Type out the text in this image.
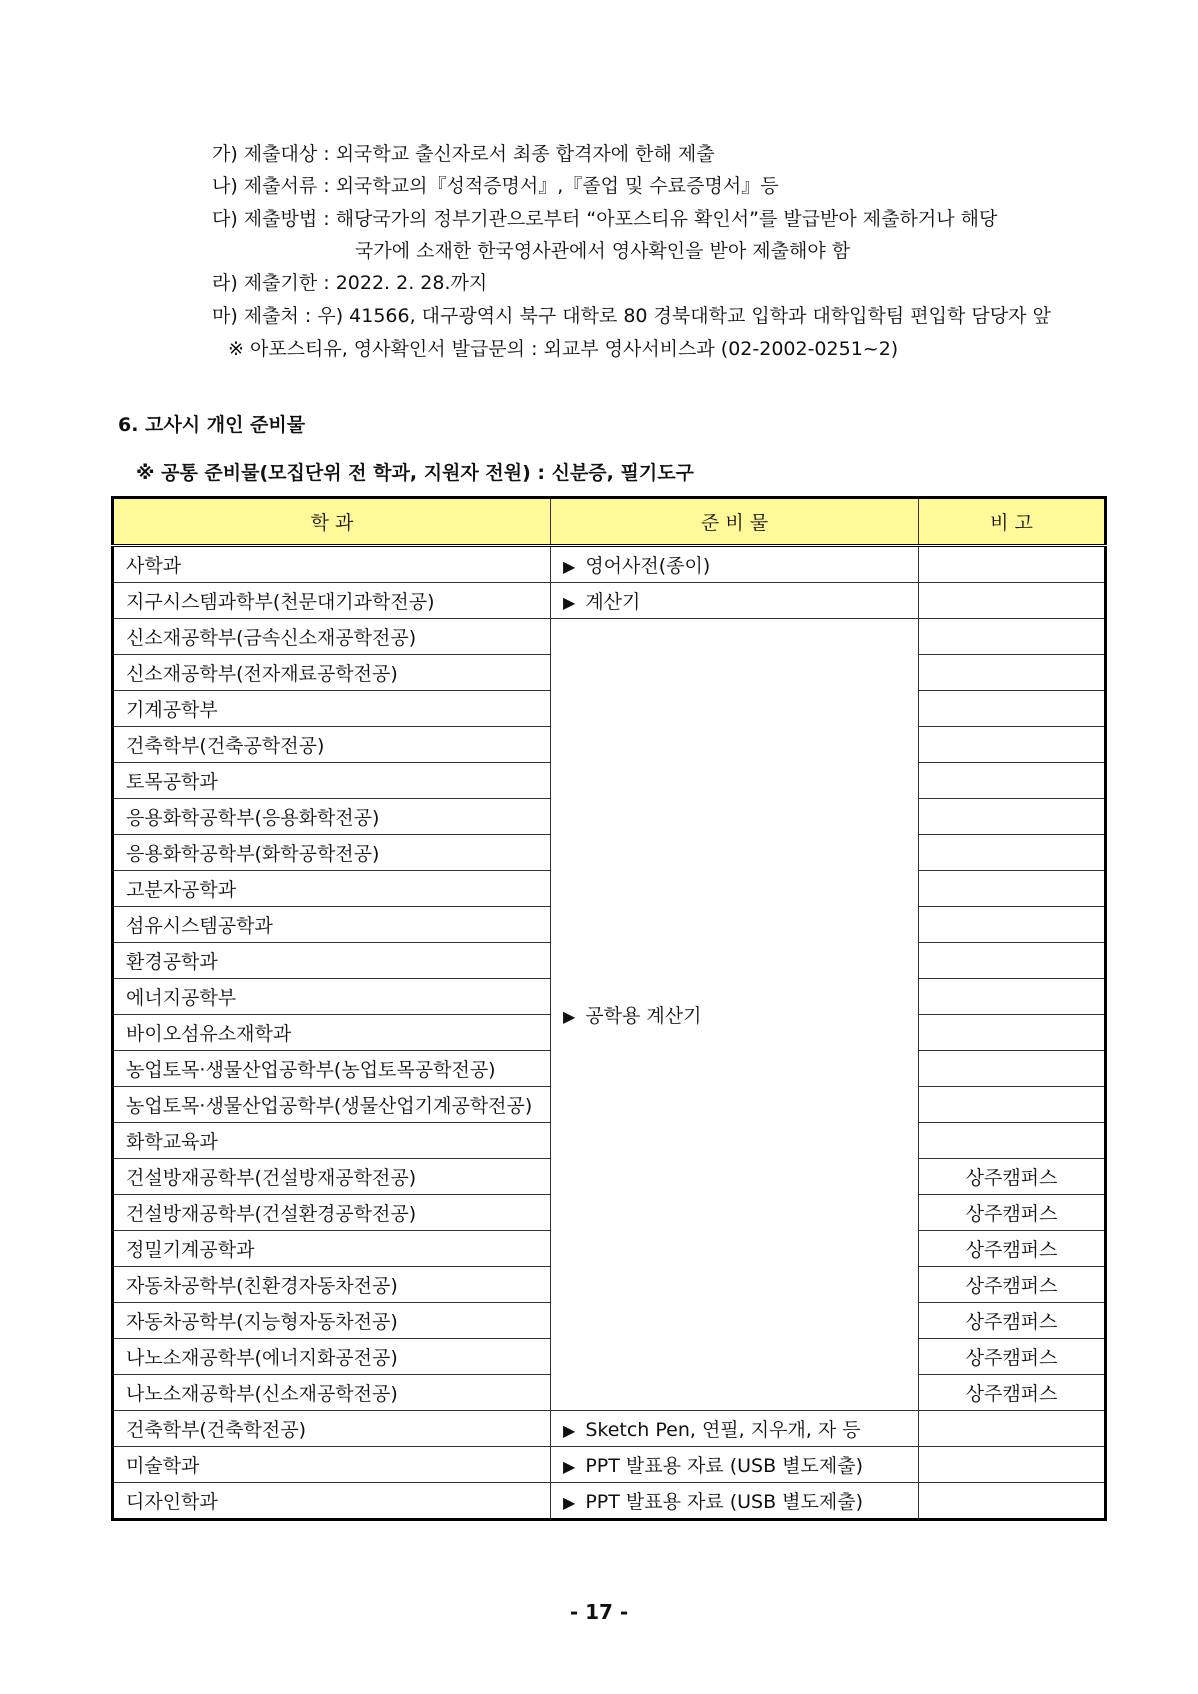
가) 제출대상 : 외국학교 출신자로서 최종 합격자에 한해 제출
나) 제출서류 : 외국학교의『성적증명서』,『졸업 및 수료증명서』등
다) 제출방법 : 해당국가의 정부기관으로부터 “아포스티유 확인서”를 발급받아 제출하거나 해당
국가에 소재한 한국영사관에서 영사확인을 받아 제출해야 함
라) 제출기한 : 2022. 2. 28.까지
마) 제출처 : 우) 41566, 대구광역시 북구 대학로 80 경북대학교 입학과 대학입학팀 편입학 담당자 앞
※ 아포스티유, 영사확인서 발급문의 : 외교부 영사서비스과 (02-2002-0251~2)
6. 고사시 개인 준비물
※ 공통 준비물(모집단위 전 학과, 지원자 전원) : 신분증, 필기도구
학 과	준 비 물	비 고
사학과	▶ 영어사전(종이)	
지구시스템과학부(천문대기과학전공)	▶ 계산기	
신소재공학부(금속신소재공학전공)	▶ 공학용 계산기	
신소재공학부(전자재료공학전공)		
기계공학부		
건축학부(건축공학전공)		
토목공학과		
응용화학공학부(응용화학전공)		
응용화학공학부(화학공학전공)		
고분자공학과		
섬유시스템공학과		
환경공학과		
에너지공학부		
바이오섬유소재학과		
농업토목·생물산업공학부(농업토목공학전공)		
농업토목·생물산업공학부(생물산업기계공학전공)		
화학교육과		
건설방재공학부(건설방재공학전공)		상주캠퍼스
건설방재공학부(건설환경공학전공)		상주캠퍼스
정밀기계공학과		상주캠퍼스
자동차공학부(친환경자동차전공)		상주캠퍼스
자동차공학부(지능형자동차전공)		상주캠퍼스
나노소재공학부(에너지화공전공)		상주캠퍼스
나노소재공학부(신소재공학전공)		상주캠퍼스
건축학부(건축학전공)	▶ Sketch Pen, 연필, 지우개, 자 등	
미술학과	▶ PPT 발표용 자료 (USB 별도제출)	
디자인학과	▶ PPT 발표용 자료 (USB 별도제출)	
- 17 -
